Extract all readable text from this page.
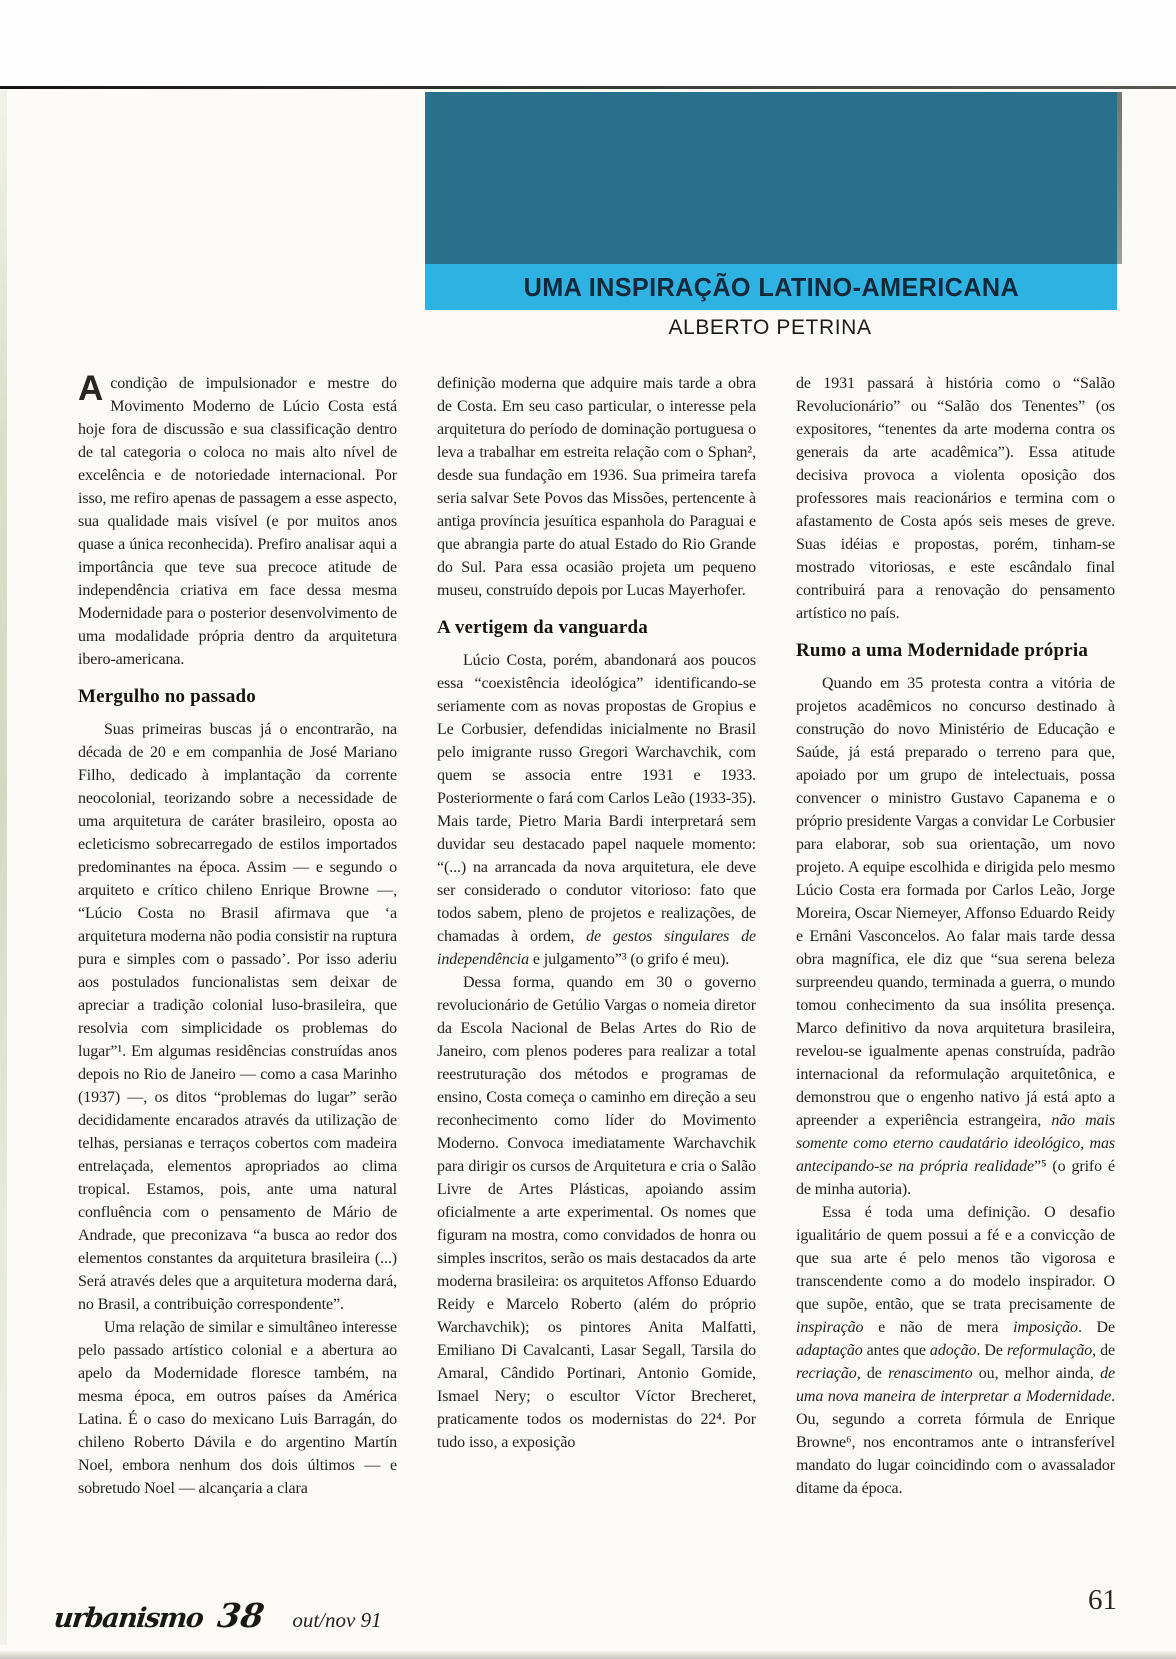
UMA INSPIRAÇÃO LATINO-AMERICANA
ALBERTO PETRINA

Acondição de impulsionador e mestre do Movimento Moderno de Lúcio Costa está hoje fora de discussão e sua classificação dentro de tal categoria o coloca no mais alto nível de excelência e de notoriedade internacional. Por isso, me refiro apenas de passagem a esse aspecto, sua qualidade mais visível (e por muitos anos quase a única reconhecida). Prefiro analisar aqui a importância que teve sua precoce atitude de independência criativa em face dessa mesma Modernidade para o posterior desenvolvimento de uma modalidade própria dentro da arquitetura ibero-americana.

Mergulho no passado

Suas primeiras buscas já o encontrarão, na década de 20 e em companhia de José Mariano Filho, dedicado à implantação da corrente neocolonial, teorizando sobre a necessidade de uma arquitetura de caráter brasileiro, oposta ao ecleticismo sobrecarregado de estilos importados predominantes na época. Assim — e segundo o arquiteto e crítico chileno Enrique Browne —, “Lúcio Costa no Brasil afirmava que ‘a arquitetura moderna não podia consistir na ruptura pura e simples com o passado’. Por isso aderiu aos postulados funcionalistas sem deixar de apreciar a tradição colonial luso-brasileira, que resolvia com simplicidade os problemas do lugar”¹. Em algumas residências construídas anos depois no Rio de Janeiro — como a casa Marinho (1937) —, os ditos “problemas do lugar” serão decididamente encarados através da utilização de telhas, persianas e terraços cobertos com madeira entrelaçada, elementos apropriados ao clima tropical. Estamos, pois, ante uma natural confluência com o pensamento de Mário de Andrade, que preconizava “a busca ao redor dos elementos constantes da arquitetura brasileira (...) Será através deles que a arquitetura moderna dará, no Brasil, a contribuição correspondente”.

Uma relação de similar e simultâneo interesse pelo passado artístico colonial e a abertura ao apelo da Modernidade floresce também, na mesma época, em outros países da América Latina. É o caso do mexicano Luis Barragán, do chileno Roberto Dávila e do argentino Martín Noel, embora nenhum dos dois últimos — e sobretudo Noel — alcançaria a clara

definição moderna que adquire mais tarde a obra de Costa. Em seu caso particular, o interesse pela arquitetura do período de dominação portuguesa o leva a trabalhar em estreita relação com o Sphan², desde sua fundação em 1936. Sua primeira tarefa seria salvar Sete Povos das Missões, pertencente à antiga província jesuítica espanhola do Paraguai e que abrangia parte do atual Estado do Rio Grande do Sul. Para essa ocasião projeta um pequeno museu, construído depois por Lucas Mayerhofer.

A vertigem da vanguarda

Lúcio Costa, porém, abandonará aos poucos essa “coexistência ideológica” identificando-se seriamente com as novas propostas de Gropius e Le Corbusier, defendidas inicialmente no Brasil pelo imigrante russo Gregori Warchavchik, com quem se associa entre 1931 e 1933. Posteriormente o fará com Carlos Leão (1933-35). Mais tarde, Pietro Maria Bardi interpretará sem duvidar seu destacado papel naquele momento: “(...) na arrancada da nova arquitetura, ele deve ser considerado o condutor vitorioso: fato que todos sabem, pleno de projetos e realizações, de chamadas à ordem, de gestos singulares de independência e julgamento”³ (o grifo é meu).

Dessa forma, quando em 30 o governo revolucionário de Getúlio Vargas o nomeia diretor da Escola Nacional de Belas Artes do Rio de Janeiro, com plenos poderes para realizar a total reestruturação dos métodos e programas de ensino, Costa começa o caminho em direção a seu reconhecimento como líder do Movimento Moderno. Convoca imediatamente Warchavchik para dirigir os cursos de Arquitetura e cria o Salão Livre de Artes Plásticas, apoiando assim oficialmente a arte experimental. Os nomes que figuram na mostra, como convidados de honra ou simples inscritos, serão os mais destacados da arte moderna brasileira: os arquitetos Affonso Eduardo Reidy e Marcelo Roberto (além do próprio Warchavchik); os pintores Anita Malfatti, Emiliano Di Cavalcanti, Lasar Segall, Tarsila do Amaral, Cândido Portinari, Antonio Gomide, Ismael Nery; o escultor Víctor Brecheret, praticamente todos os modernistas do 22⁴. Por tudo isso, a exposição

de 1931 passará à história como o “Salão Revolucionário” ou “Salão dos Tenentes” (os expositores, “tenentes da arte moderna contra os generais da arte acadêmica”). Essa atitude decisiva provoca a violenta oposição dos professores mais reacionários e termina com o afastamento de Costa após seis meses de greve. Suas idéias e propostas, porém, tinham-se mostrado vitoriosas, e este escândalo final contribuirá para a renovação do pensamento artístico no país.

Rumo a uma Modernidade própria

Quando em 35 protesta contra a vitória de projetos acadêmicos no concurso destinado à construção do novo Ministério de Educação e Saúde, já está preparado o terreno para que, apoiado por um grupo de intelectuais, possa convencer o ministro Gustavo Capanema e o próprio presidente Vargas a convidar Le Corbusier para elaborar, sob sua orientação, um novo projeto. A equipe escolhida e dirigida pelo mesmo Lúcio Costa era formada por Carlos Leão, Jorge Moreira, Oscar Niemeyer, Affonso Eduardo Reidy e Ernâni Vasconcelos. Ao falar mais tarde dessa obra magnífica, ele diz que “sua serena beleza surpreendeu quando, terminada a guerra, o mundo tomou conhecimento da sua insólita presença. Marco definitivo da nova arquitetura brasileira, revelou-se igualmente apenas construída, padrão internacional da reformulação arquitetônica, e demonstrou que o engenho nativo já está apto a apreender a experiência estrangeira, não mais somente como eterno caudatário ideológico, mas antecipando-se na própria realidade”⁵ (o grifo é de minha autoria).

Essa é toda uma definição. O desafio igualitário de quem possui a fé e a convicção de que sua arte é pelo menos tão vigorosa e transcendente como a do modelo inspirador. O que supõe, então, que se trata precisamente de inspiração e não de mera imposição. De adaptação antes que adoção. De reformulação, de recriação, de renascimento ou, melhor ainda, de uma nova maneira de interpretar a Modernidade. Ou, segundo a correta fórmula de Enrique Browne⁶, nos encontramos ante o intransferível mandato do lugar coincidindo com o avassalador ditame da época.

urbanismo 38 out/nov 91
61
